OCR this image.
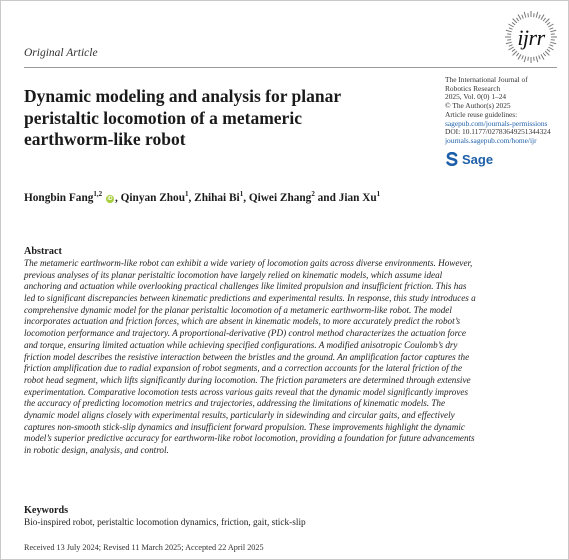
ijrr
Original Article
Dynamic modeling and analysis for planar
peristaltic locomotion of a metameric
earthworm-like robot
The International Journal of
Robotics Research
2025, Vol. 0(0) 1–24
© The Author(s) 2025
Article reuse guidelines:
sagepub.com/journals-permissions
DOI: 10.1177/02783649251344324
journals.sagepub.com/home/ijr
Sage
Hongbin Fang$^{1,2}$ iD , Qinyan Zhou$^1$, Zhihai Bi$^1$, Qiwei Zhang$^2$ and Jian Xu$^1$
Abstract
The metameric earthworm-like robot can exhibit a wide variety of locomotion gaits across diverse environments. However,
previous analyses of its planar peristaltic locomotion have largely relied on kinematic models, which assume ideal
anchoring and actuation while overlooking practical challenges like limited propulsion and insufficient friction. This has
led to significant discrepancies between kinematic predictions and experimental results. In response, this study introduces a
comprehensive dynamic model for the planar peristaltic locomotion of a metameric earthworm-like robot. The model
incorporates actuation and friction forces, which are absent in kinematic models, to more accurately predict the robot’s
locomotion performance and trajectory. A proportional-derivative (PD) control method characterizes the actuation force
and torque, ensuring limited actuation while achieving specified configurations. A modified anisotropic Coulomb’s dry
friction model describes the resistive interaction between the bristles and the ground. An amplification factor captures the
friction amplification due to radial expansion of robot segments, and a correction accounts for the lateral friction of the
robot head segment, which lifts significantly during locomotion. The friction parameters are determined through extensive
experimentation. Comparative locomotion tests across various gaits reveal that the dynamic model significantly improves
the accuracy of predicting locomotion metrics and trajectories, addressing the limitations of kinematic models. The
dynamic model aligns closely with experimental results, particularly in sidewinding and circular gaits, and effectively
captures non-smooth stick-slip dynamics and insufficient forward propulsion. These improvements highlight the dynamic
model’s superior predictive accuracy for earthworm-like robot locomotion, providing a foundation for future advancements
in robotic design, analysis, and control.
Keywords
Bio-inspired robot, peristaltic locomotion dynamics, friction, gait, stick-slip
Received 13 July 2024; Revised 11 March 2025; Accepted 22 April 2025
